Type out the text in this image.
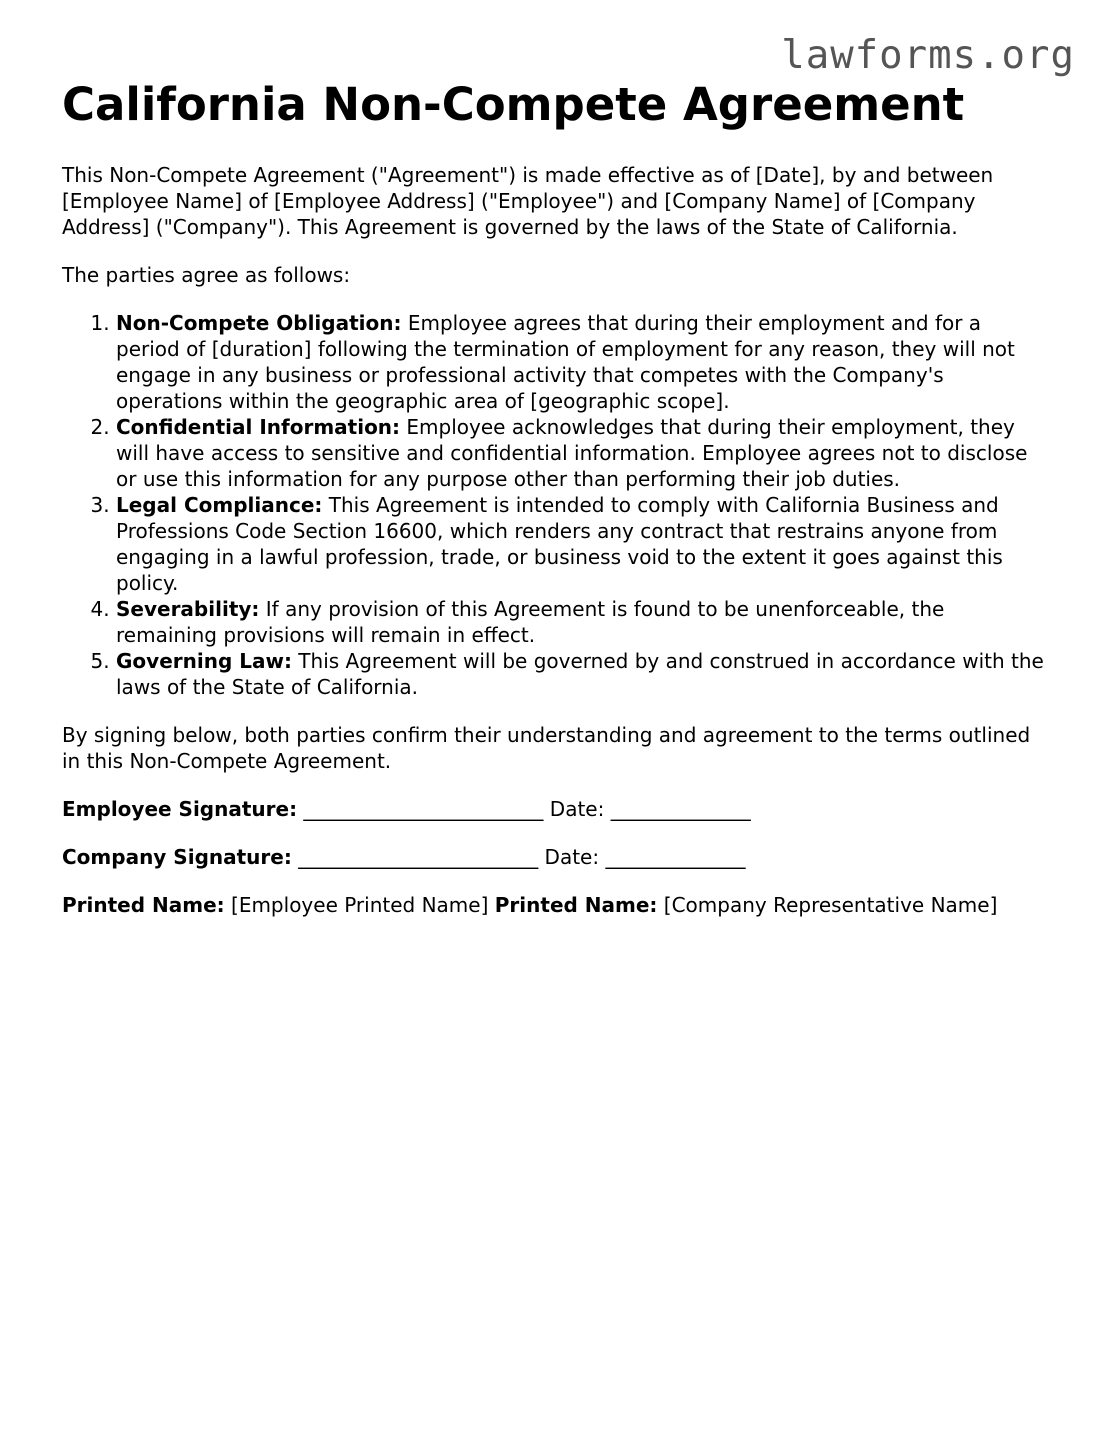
lawforms.org
California Non-Compete Agreement

This Non-Compete Agreement ("Agreement") is made effective as of [Date], by and between [Employee Name] of [Employee Address] ("Employee") and [Company Name] of [Company Address] ("Company"). This Agreement is governed by the laws of the State of California.

The parties agree as follows:

1. Non-Compete Obligation: Employee agrees that during their employment and for a period of [duration] following the termination of employment for any reason, they will not engage in any business or professional activity that competes with the Company's operations within the geographic area of [geographic scope].
2. Confidential Information: Employee acknowledges that during their employment, they will have access to sensitive and confidential information. Employee agrees not to disclose or use this information for any purpose other than performing their job duties.
3. Legal Compliance: This Agreement is intended to comply with California Business and Professions Code Section 16600, which renders any contract that restrains anyone from engaging in a lawful profession, trade, or business void to the extent it goes against this policy.
4. Severability: If any provision of this Agreement is found to be unenforceable, the remaining provisions will remain in effect.
5. Governing Law: This Agreement will be governed by and construed in accordance with the laws of the State of California.

By signing below, both parties confirm their understanding and agreement to the terms outlined in this Non-Compete Agreement.

Employee Signature: ________________________ Date: ______________
Company Signature: ________________________ Date: ______________
Printed Name: [Employee Printed Name] Printed Name: [Company Representative Name]
